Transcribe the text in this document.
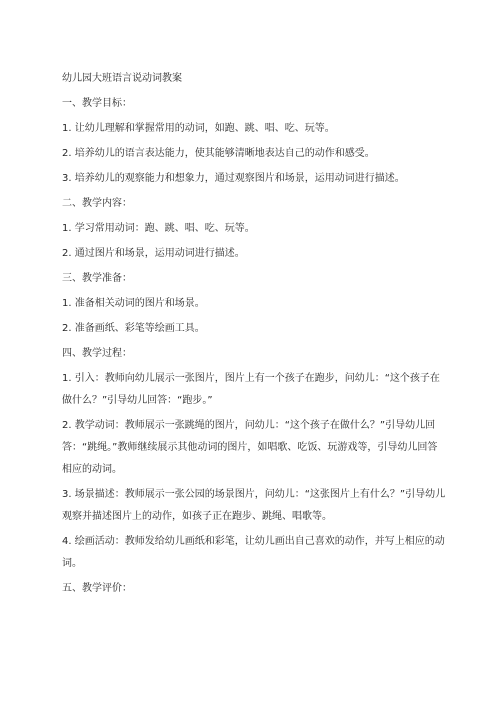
幼儿园大班语言说动词教案
一、教学目标：
1. 让幼儿理解和掌握常用的动词，如跑、跳、唱、吃、玩等。
2. 培养幼儿的语言表达能力，使其能够清晰地表达自己的动作和感受。
3. 培养幼儿的观察能力和想象力，通过观察图片和场景，运用动词进行描述。
二、教学内容：
1. 学习常用动词：跑、跳、唱、吃、玩等。
2. 通过图片和场景，运用动词进行描述。
三、教学准备：
1. 准备相关动词的图片和场景。
2. 准备画纸、彩笔等绘画工具。
四、教学过程：

1. 引入：教师向幼儿展示一张图片，图片上有一个孩子在跑步，问幼儿：“这个孩子在做什么？”引导幼儿回答：“跑步。”

2. 教学动词：教师展示一张跳绳的图片，问幼儿：“这个孩子在做什么？”引导幼儿回答：“跳绳。”教师继续展示其他动词的图片，如唱歌、吃饭、玩游戏等，引导幼儿回答相应的动词。

3. 场景描述：教师展示一张公园的场景图片，问幼儿：“这张图片上有什么？”引导幼儿观察并描述图片上的动作，如孩子正在跑步、跳绳、唱歌等。

4. 绘画活动：教师发给幼儿画纸和彩笔，让幼儿画出自己喜欢的动作，并写上相应的动词。

五、教学评价：
